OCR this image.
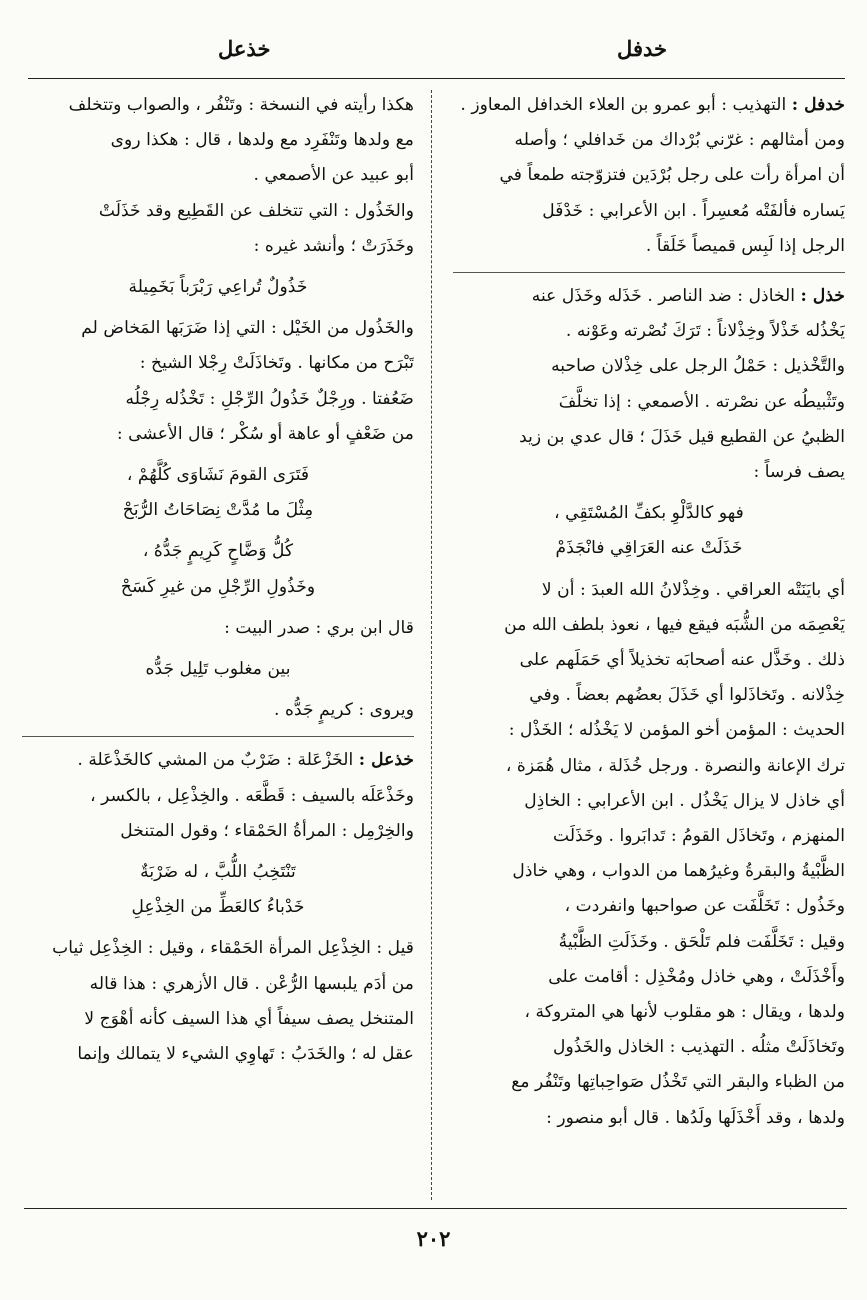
خدفل
خذعل

خدفل : التهذيب : أبو عمرو بن العلاء الخدافل المعاوز .

ومن أمثالهم : غرّني بُرْداك من خَدافلي ؛ وأصله

أن امرأة رأت على رجل بُرْدَين فتزوّجته طمعاً في

يَساره فألفَتْه مُعسِراً . ابن الأعرابي : خَدْفَل

الرجل إذا لَبِس قميصاً خَلَقاً .

خذل : الخاذل : ضد الناصر . خَذَله وخَذَل عنه

يَخْذُله خَذْلاً وخِذْلاناً : تَرَكَ نُصْرته وعَوْنه .

والتَّخْذيل : حَمْلُ الرجل على خِذْلان صاحبه

وتَثْبيطُه عن نصْرته . الأصمعي : إذا تخلَّفَ

الظبيُ عن القطيع قيل خَذَلَ ؛ قال عدي بن زيد

يصف فرساً :

فهو كالدَّلْوِ بكفِّ المُسْتَقِي ،
خَذَلَتْ عنه العَرَاقِي فانْجَذَمْ

أي بايَنَتْه العراقي . وخِذْلانُ الله العبدَ : أن لا

يَعْصِمَه من الشُّبَه فيقع فيها ، نعوذ بلطف الله من

ذلك . وخَذَّل عنه أصحابَه تخذيلاً أي حَمَلَهم على

خِذْلانه . وتَخاذَلوا أي خَذَلَ بعضُهم بعضاً . وفي

الحديث : المؤمن أخو المؤمن لا يَخْذُله ؛ الخَذْل :

ترك الإعانة والنصرة . ورجل خُذَلة ، مثال هُمَزة ،

أي خاذل لا يزال يَخْذُل . ابن الأعرابي : الخاذِل

المنهزم ، وتَخاذَل القومُ : تَدابَروا . وخَذَلَت

الظَّبْيةُ والبقرةُ وغيرُهما من الدواب ، وهي خاذل

وخَذُول : تَخَلَّفَت عن صواحبها وانفردت ،

وقيل : تَخَلَّفَت فلم تَلْحَق . وخَذَلَتِ الظَّبْيةُ

وأَخْذَلَتْ ، وهي خاذل ومُخْذِل : أقامت على

ولدها ، ويقال : هو مقلوب لأنها هي المتروكة ،

وتَخاذَلَتْ مثلُه . التهذيب : الخاذل والخَذُول

من الظباء والبقر التي تَخْذُل صَواحِباتِها وتَنْفُر مع

ولدها ، وقد أَخْذَلَها ولَدُها . قال أبو منصور :

هكذا رأيته في النسخة : وتَنْفُر ، والصواب وتتخلف

مع ولدها وتَنْفَرِد مع ولدها ، قال : هكذا روى

أبو عبيد عن الأصمعي .

والخَذُول : التي تتخلف عن القَطِيع وقد خَذَلَتْ

وخَذَرَتْ ؛ وأنشد غيره :

خَذُولٌ تُراعِي رَبْرَباً بَخَمِيلة

والخَذُول من الخَيْل : التي إذا ضَرَبَها المَخاض لم

تَبْرَح من مكانها . وتَخاذَلَتْ رِجْلا الشيخ :

ضَعُفتا . ورِجْلٌ خَذُولُ الرِّجْلِ : تَخْذُله رِجْلُه

من ضَعْفٍ أو عاهة أو سُكْر ؛ قال الأعشى :

فَتَرَى القومَ نَشَاوَى كُلَّهُمْ ،
مِثْلَ ما مُدَّتْ نِصَاحَاتُ الرُّبَحْ
كُلُّ وَضَّاحٍ كَرِيمٍ جَدُّهُ ،
وخَذُولِ الرِّجْلِ من غيرِ كَسَحْ

قال ابن بري : صدر البيت :

بين مغلوب تَلِيل جَدُّه

ويروى : كريمٍ جَدُّه .

خذعل : الخَزْعَلة : ضَرْبٌ من المشي كالخَذْعَلة .

وخَذْعَلَه بالسيف : قَطَّعَه . والخِذْعِل ، بالكسر ،

والخِرْمِل : المرأةُ الحَمْقاء ؛ وقول المتنخل

تَنْتَخِبُ اللُّبَّ ، له ضَرْبَةٌ
خَدْباءُ كالعَطِّ من الخِذْعِلِ

قيل : الخِذْعِل المرأة الحَمْقاء ، وقيل : الخِذْعِل ثياب

من أدَم يلبسها الرُّعْن . قال الأزهري : هذا قاله

المتنخل يصف سيفاً أي هذا السيف كأنه أهْوَج لا

عقل له ؛ والخَدَبُ : تَهاوِي الشيء لا يتمالك وإنما

٢٠٢
